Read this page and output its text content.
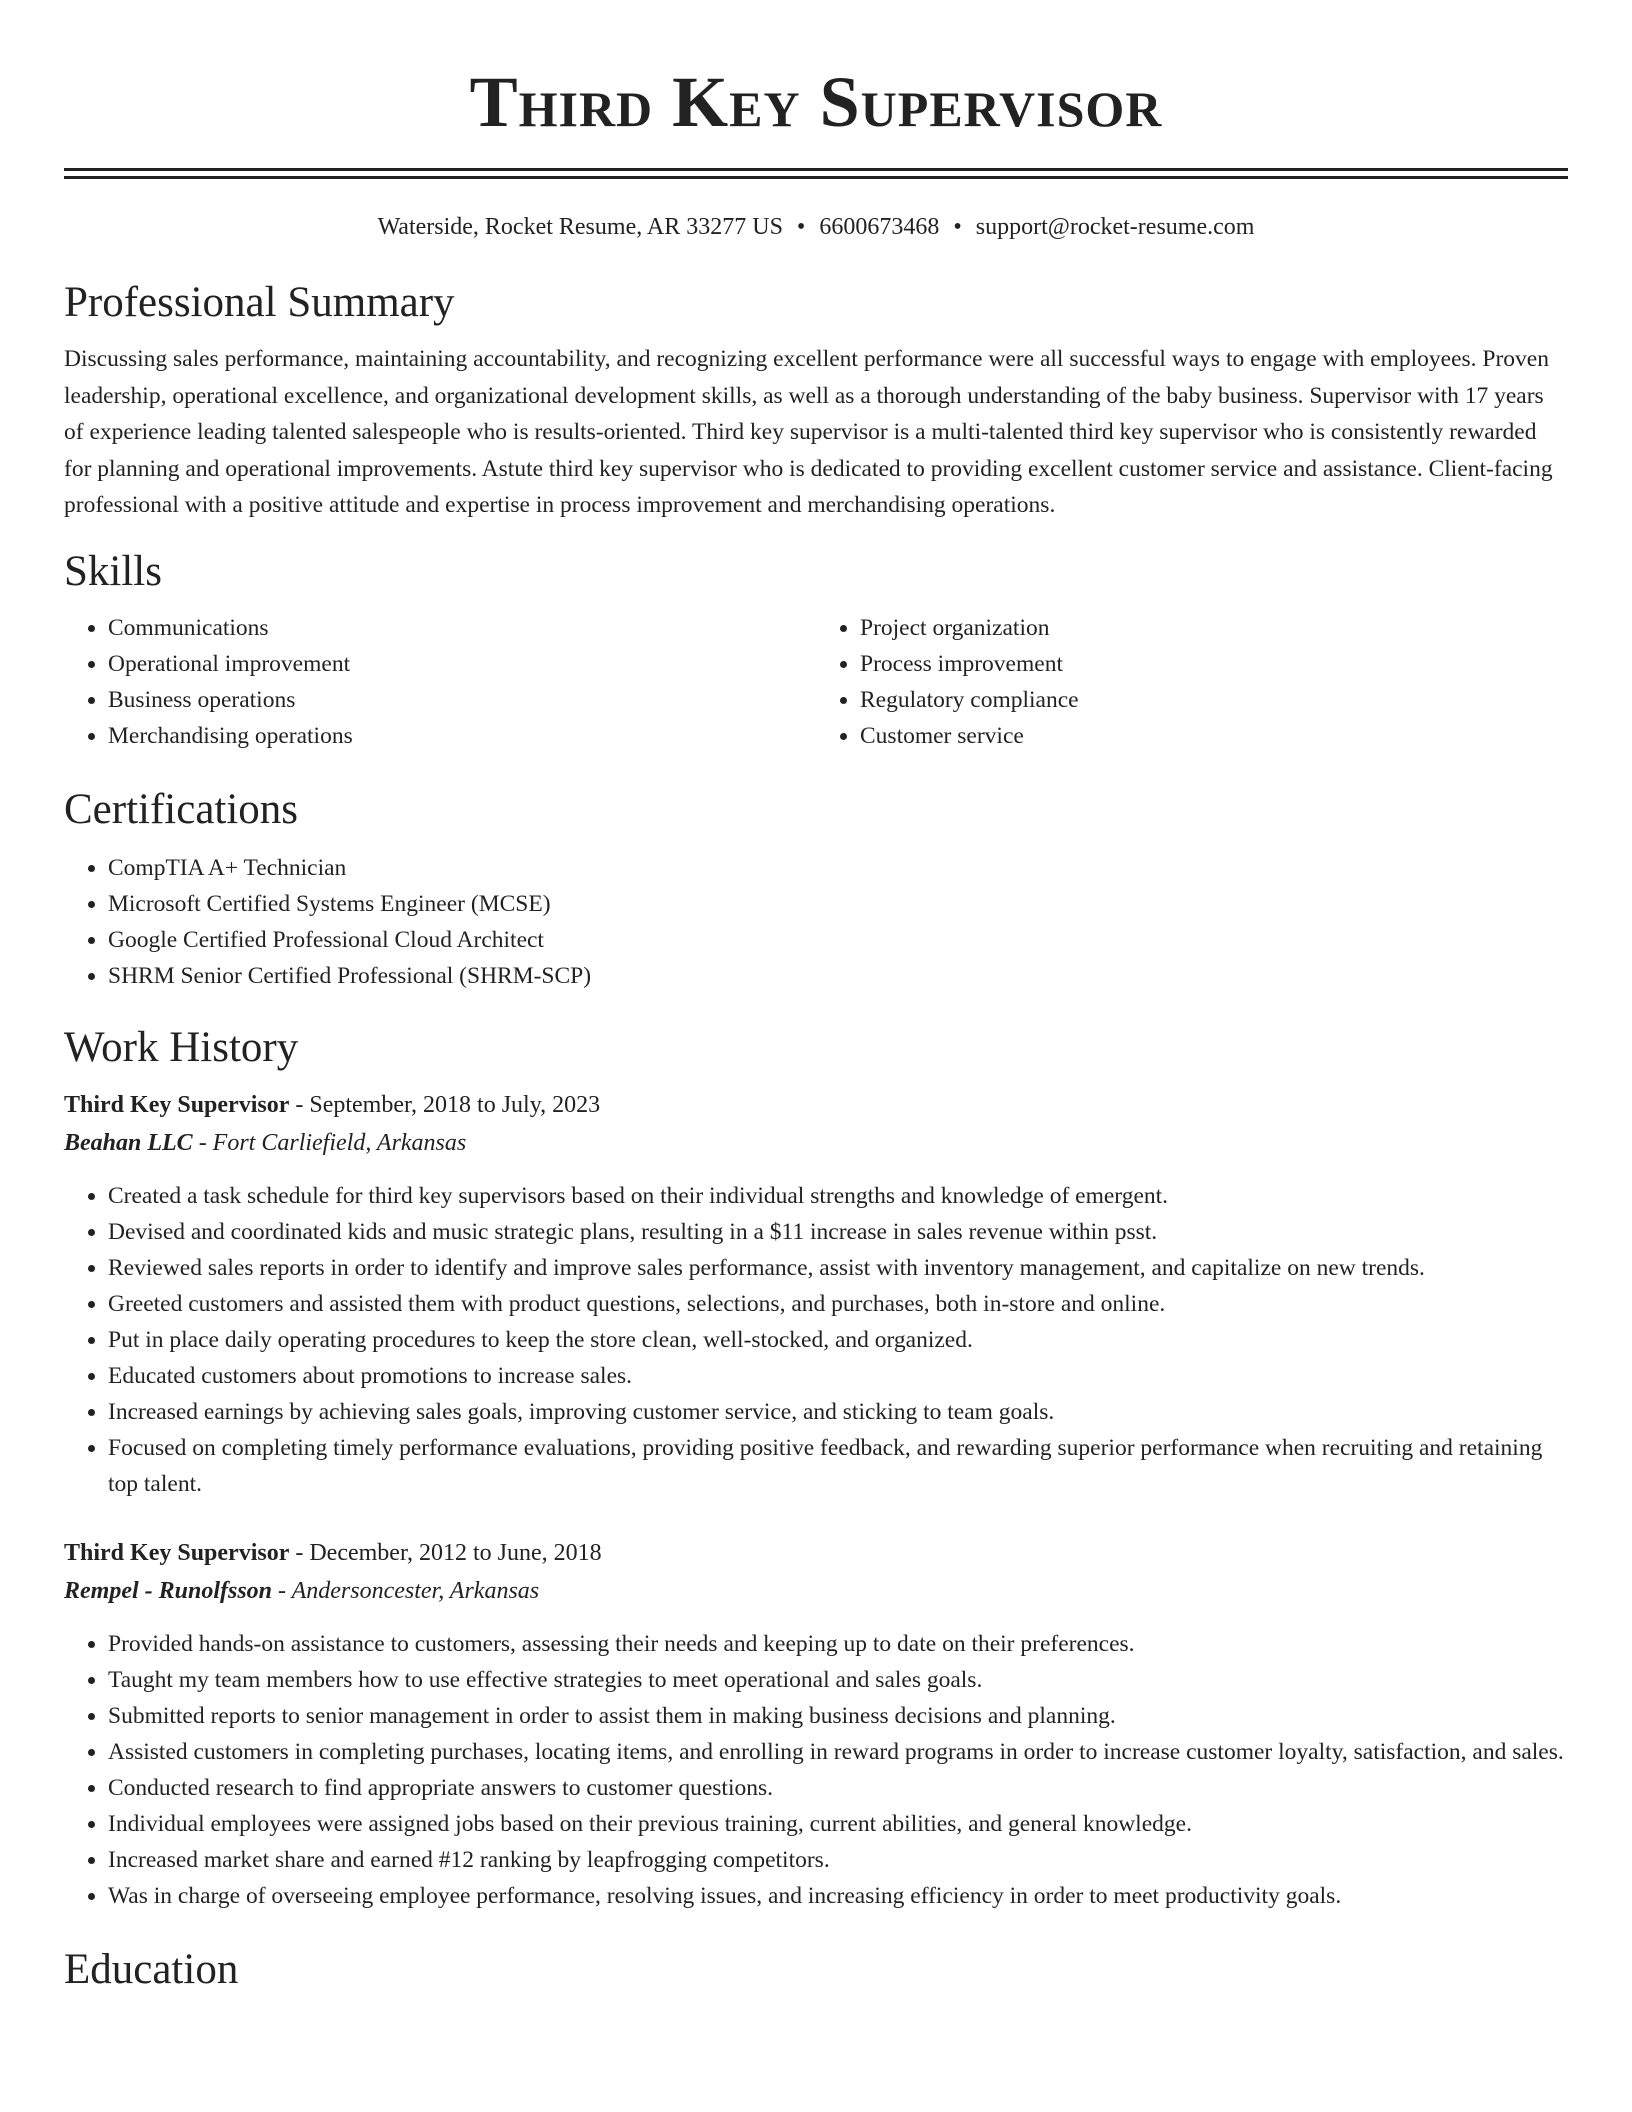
Third Key Supervisor
Waterside, Rocket Resume, AR 33277 US • 6600673468 • support@rocket-resume.com
Professional Summary

Discussing sales performance, maintaining accountability, and recognizing excellent performance were all successful ways to engage with employees. Proven leadership, operational excellence, and organizational development skills, as well as a thorough understanding of the baby business. Supervisor with 17 years of experience leading talented salespeople who is results-oriented. Third key supervisor is a multi-talented third key supervisor who is consistently rewarded for planning and operational improvements. Astute third key supervisor who is dedicated to providing excellent customer service and assistance. Client-facing professional with a positive attitude and expertise in process improvement and merchandising operations.

Skills
• Communications
• Operational improvement
• Business operations
• Merchandising operations
• Project organization
• Process improvement
• Regulatory compliance
• Customer service
Certifications
• CompTIA A+ Technician
• Microsoft Certified Systems Engineer (MCSE)
• Google Certified Professional Cloud Architect
• SHRM Senior Certified Professional (SHRM-SCP)
Work History
Third Key Supervisor - September, 2018 to July, 2023
Beahan LLC - Fort Carliefield, Arkansas
• Created a task schedule for third key supervisors based on their individual strengths and knowledge of emergent.
• Devised and coordinated kids and music strategic plans, resulting in a $11 increase in sales revenue within psst.
• Reviewed sales reports in order to identify and improve sales performance, assist with inventory management, and capitalize on new trends.
• Greeted customers and assisted them with product questions, selections, and purchases, both in-store and online.
• Put in place daily operating procedures to keep the store clean, well-stocked, and organized.
• Educated customers about promotions to increase sales.
• Increased earnings by achieving sales goals, improving customer service, and sticking to team goals.
• Focused on completing timely performance evaluations, providing positive feedback, and rewarding superior performance when recruiting and retaining top talent.
Third Key Supervisor - December, 2012 to June, 2018
Rempel - Runolfsson - Andersoncester, Arkansas
• Provided hands-on assistance to customers, assessing their needs and keeping up to date on their preferences.
• Taught my team members how to use effective strategies to meet operational and sales goals.
• Submitted reports to senior management in order to assist them in making business decisions and planning.
• Assisted customers in completing purchases, locating items, and enrolling in reward programs in order to increase customer loyalty, satisfaction, and sales.
• Conducted research to find appropriate answers to customer questions.
• Individual employees were assigned jobs based on their previous training, current abilities, and general knowledge.
• Increased market share and earned #12 ranking by leapfrogging competitors.
• Was in charge of overseeing employee performance, resolving issues, and increasing efficiency in order to meet productivity goals.
Education
